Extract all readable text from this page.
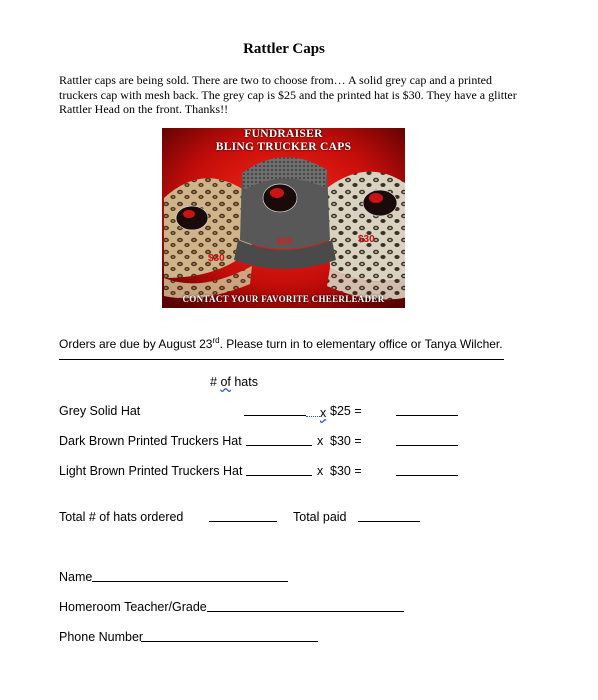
Rattler Caps
Rattler caps are being sold. There are two to choose from… A solid grey cap and a printed truckers cap with mesh back. The grey cap is $25 and the printed hat is $30. They have a glitter Rattler Head on the front. Thanks!!
$30
$25	$30
FUNDRAISER
BLING TRUCKER CAPS
CONTACT YOUR FAVORITE CHEERLEADER
Orders are due by August 23rd. Please turn in to elementary office or Tanya Wilcher.
# of hats
Grey Solid Hat	x $25 =
Dark Brown Printed Truckers Hat	x $30 =
Light Brown Printed Truckers Hat	x $30 =
Total # of hats ordered	Total paid
Name
Homeroom Teacher/Grade
Phone Number
